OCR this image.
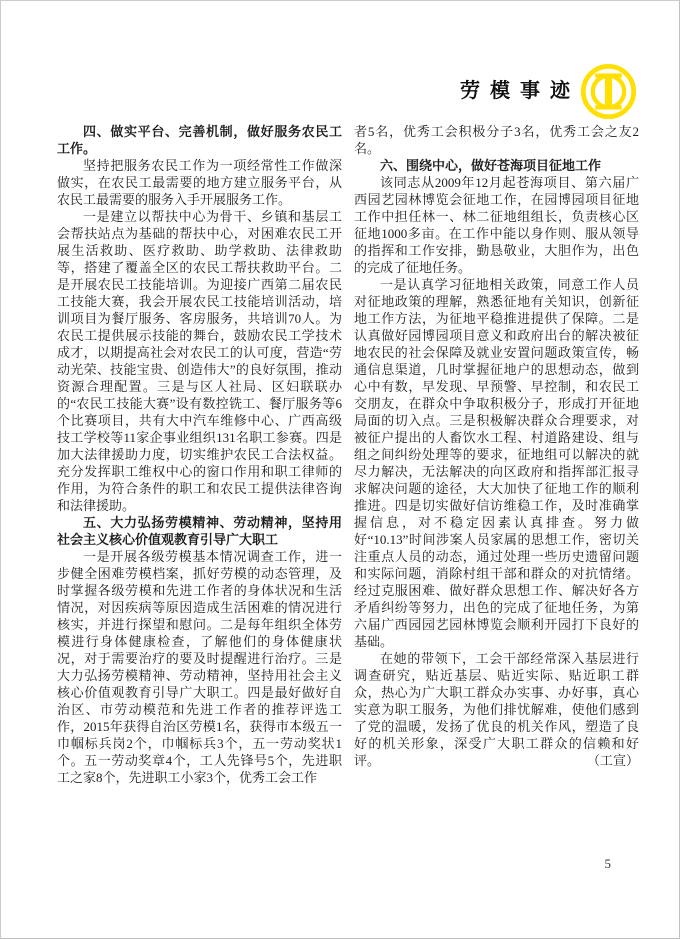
劳模事迹
四、做实平台、完善机制，做好服务农民工工作。
坚持把服务农民工作为一项经常性工作做深做实，在农民工最需要的地方建立服务平台，从农民工最需要的服务入手开展服务工作。
一是建立以帮扶中心为骨干、乡镇和基层工会帮扶站点为基础的帮扶中心，对困难农民工开展生活救助、医疗救助、助学救助、法律救助等，搭建了覆盖全区的农民工帮扶救助平台。二是开展农民工技能培训。为迎接广西第二届农民工技能大赛，我会开展农民工技能培训活动，培训项目为餐厅服务、客房服务，共培训70人。为农民工提供展示技能的舞台，鼓励农民工学技术成才，以期提高社会对农民工的认可度，营造“劳动光荣、技能宝贵、创造伟大”的良好氛围，推动资源合理配置。三是与区人社局、区妇联联办的“农民工技能大赛”设有数控铣工、餐厅服务等6个比赛项目，共有大中汽车维修中心、广西高级技工学校等11家企事业组织131名职工参赛。四是加大法律援助力度，切实维护农民工合法权益。充分发挥职工维权中心的窗口作用和职工律师的作用，为符合条件的职工和农民工提供法律咨询和法律援助。
五、大力弘扬劳模精神、劳动精神，坚持用社会主义核心价值观教育引导广大职工
一是开展各级劳模基本情况调查工作，进一步健全困难劳模档案，抓好劳模的动态管理，及时掌握各级劳模和先进工作者的身体状况和生活情况，对因疾病等原因造成生活困难的情况进行核实，并进行探望和慰问。二是每年组织全体劳模进行身体健康检查，了解他们的身体健康状况，对于需要治疗的要及时提醒进行治疗。三是大力弘扬劳模精神、劳动精神，坚持用社会主义核心价值观教育引导广大职工。四是最好做好自治区、市劳动模范和先进工作者的推荐评选工作，2015年获得自治区劳模1名，获得市本级五一巾帼标兵岗2个，巾帼标兵3个，五一劳动奖状1个。五一劳动奖章4个，工人先锋号5个，先进职工之家8个，先进职工小家3个，优秀工会工作
者5名，优秀工会积极分子3名，优秀工会之友2名。
六、围绕中心，做好苍海项目征地工作
该同志从2009年12月起苍海项目、第六届广西园艺园林博览会征地工作，在园博园项目征地工作中担任林一、林二征地组组长，负责核心区征地1000多亩。在工作中能以身作则、服从领导的指挥和工作安排，勤恳敬业，大胆作为，出色的完成了征地任务。
一是认真学习征地相关政策，同意工作人员对征地政策的理解，熟悉征地有关知识，创新征地工作方法，为征地平稳推进提供了保障。二是认真做好园博园项目意义和政府出台的解决被征地农民的社会保障及就业安置问题政策宣传，畅通信息渠道，几时掌握征地户的思想动态，做到心中有数，早发现、早预警、早控制，和农民工交朋友，在群众中争取积极分子，形成打开征地局面的切入点。三是积极解决群众合理要求，对被征户提出的人畜饮水工程、村道路建设、组与组之间纠纷处理等的要求，征地组可以解决的就尽力解决，无法解决的向区政府和指挥部汇报寻求解决问题的途径，大大加快了征地工作的顺利推进。四是切实做好信访维稳工作，及时准确掌握信息，对不稳定因素认真排查。努力做好“10.13”时间涉案人员家属的思想工作，密切关注重点人员的动态，通过处理一些历史遗留问题和实际问题，消除村组干部和群众的对抗情绪。经过克服困难、做好群众思想工作、解决好各方矛盾纠纷等努力，出色的完成了征地任务，为第六届广西园园艺园林博览会顺利开园打下良好的基础。
在她的带领下，工会干部经常深入基层进行调查研究，贴近基层、贴近实际、贴近职工群众，热心为广大职工群众办实事、办好事，真心实意为职工服务，为他们排忧解难，使他们感到了党的温暖，发扬了优良的机关作风，塑造了良好的机关形象，深受广大职工群众的信赖和好评。	（工宣）
5
